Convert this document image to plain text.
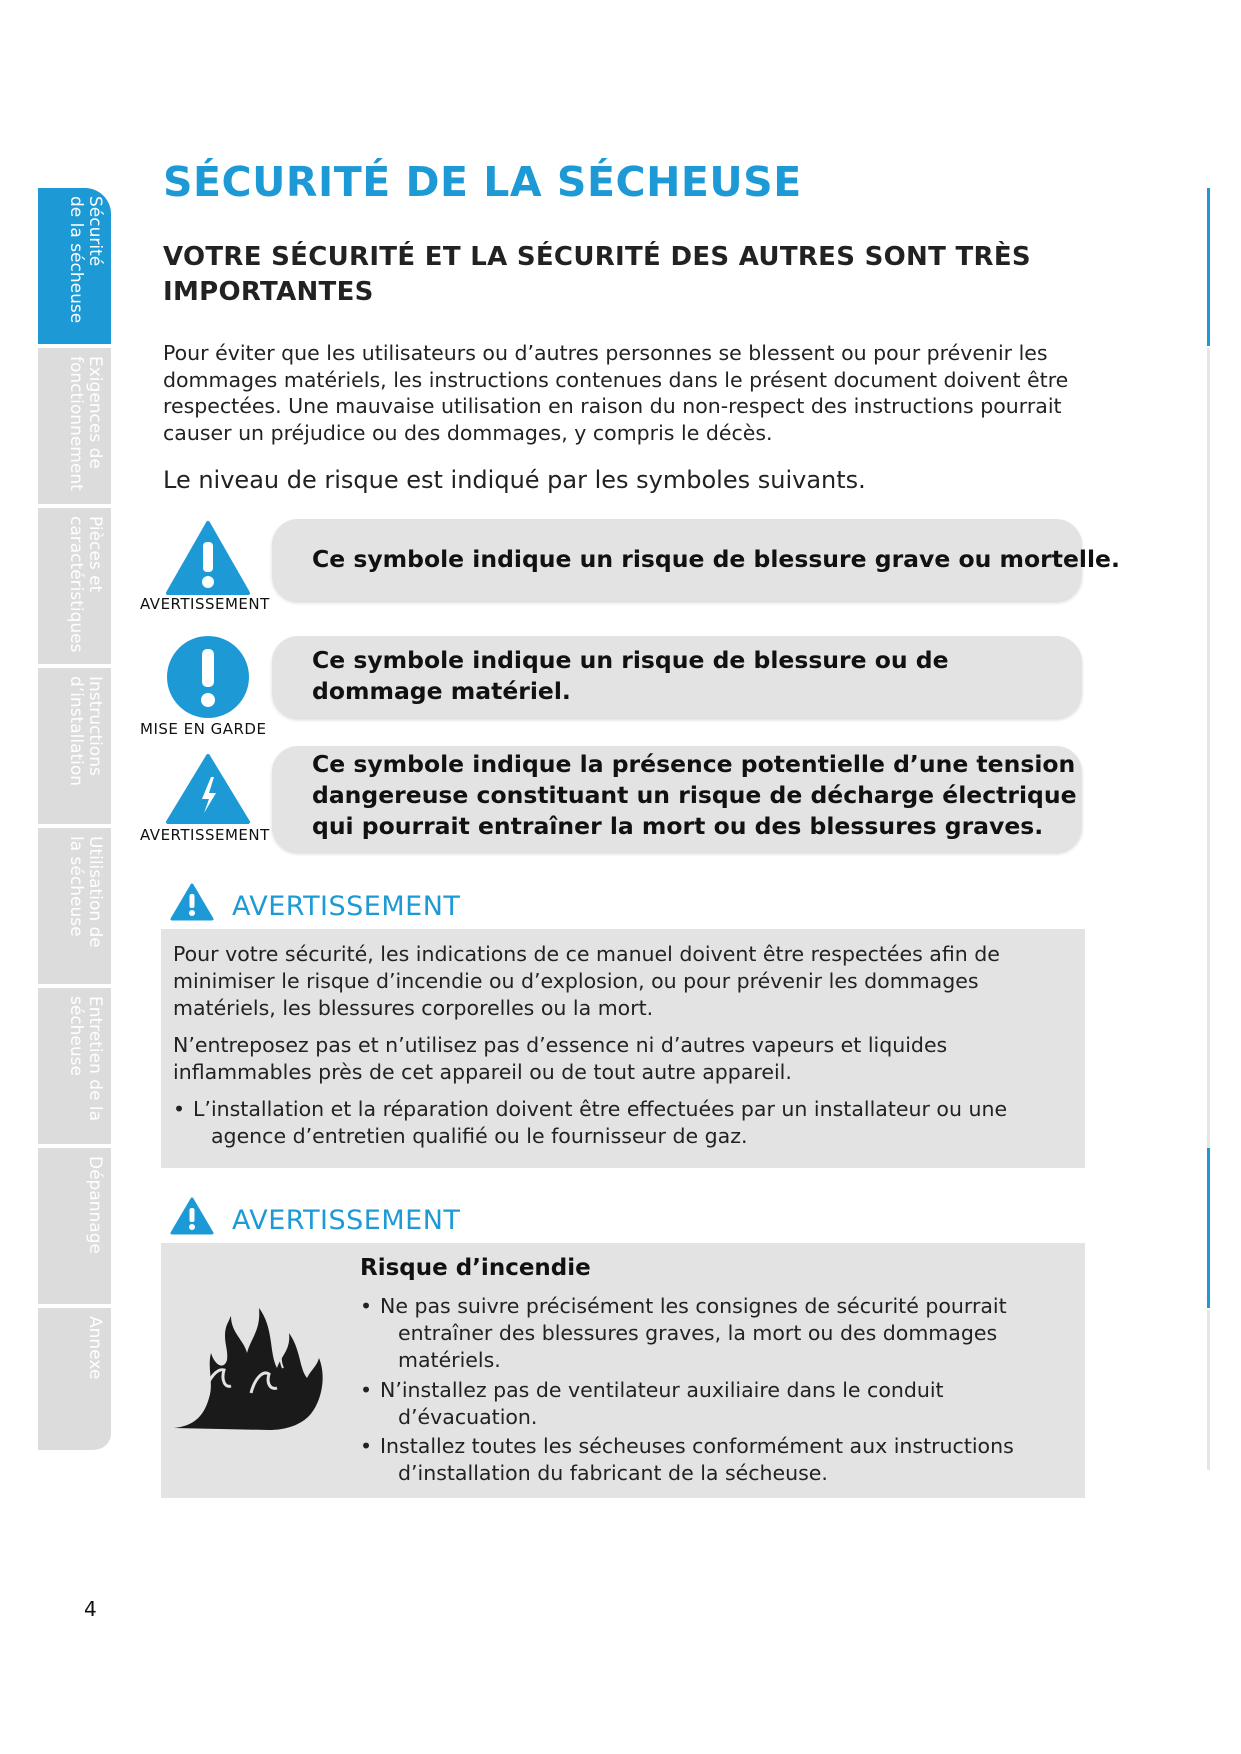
Sécurité
de la sécheuse
Exigences de
fonctionnement
Pièces et
caractéristiques
Instructions
d’installation
Utilisation de
la sécheuse
Entretien de la
sécheuse
Dépannage
Annexe
SÉCURITÉ DE LA SÉCHEUSE
VOTRE SÉCURITÉ ET LA SÉCURITÉ DES AUTRES SONT TRÈS IMPORTANTES

Pour éviter que les utilisateurs ou d’autres personnes se blessent ou pour prévenir les dommages matériels, les instructions contenues dans le présent document doivent être respectées. Une mauvaise utilisation en raison du non-respect des instructions pourrait causer un préjudice ou des dommages, y compris le décès.

Le niveau de risque est indiqué par les symboles suivants.

AVERTISSEMENT
Ce symbole indique un risque de blessure grave ou mortelle.
MISE EN GARDE
Ce symbole indique un risque de blessure ou de
dommage matériel.
AVERTISSEMENT
Ce symbole indique la présence potentielle d’une tension
dangereuse constituant un risque de décharge électrique
qui pourrait entraîner la mort ou des blessures graves.
AVERTISSEMENT

Pour votre sécurité, les indications de ce manuel doivent être respectées afin de minimiser le risque d’incendie ou d’explosion, ou pour prévenir les dommages matériels, les blessures corporelles ou la mort.

N’entreposez pas et n’utilisez pas d’essence ni d’autres vapeurs et liquides inflammables près de cet appareil ou de tout autre appareil.

• L’installation et la réparation doivent être effectuées par un installateur ou une agence d’entretien qualifié ou le fournisseur de gaz.
AVERTISSEMENT
Risque d’incendie
• Ne pas suivre précisément les consignes de sécurité pourrait entraîner des blessures graves, la mort ou des dommages matériels.
• N’installez pas de ventilateur auxiliaire dans le conduit d’évacuation.
• Installez toutes les sécheuses conformément aux instructions d’installation du fabricant de la sécheuse.
4
